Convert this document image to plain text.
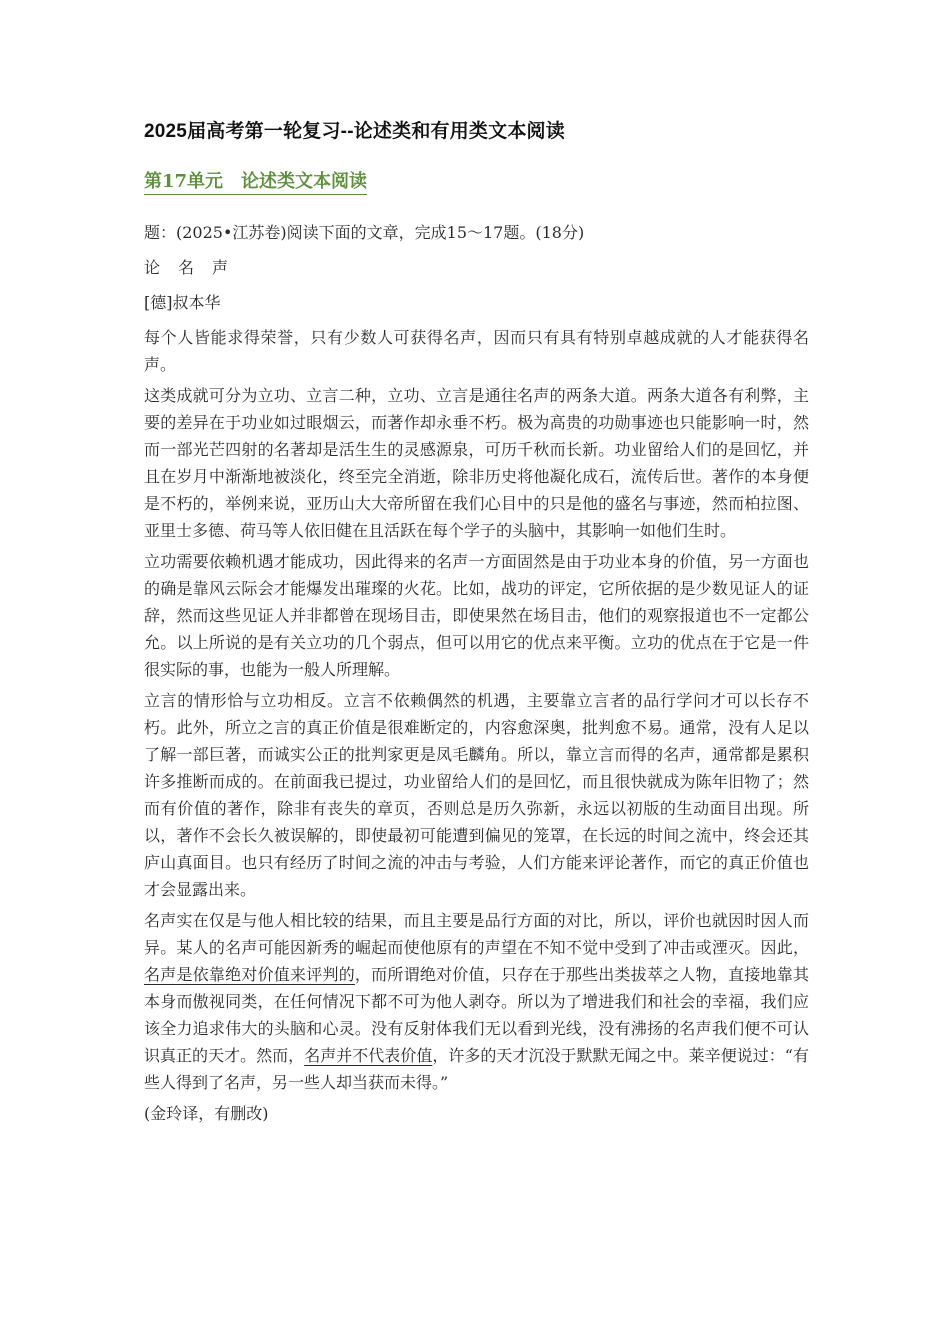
2025届高考第一轮复习--论述类和有用类文本阅读
第17单元　论述类文本阅读

题：(2025•江苏卷)阅读下面的文章，完成15～17题。(18分)

论名声

[德]叔本华

每个人皆能求得荣誉，只有少数人可获得名声，因而只有具有特别卓越成就的人才能获得名声。

这类成就可分为立功、立言二种，立功、立言是通往名声的两条大道。两条大道各有利弊，主要的差异在于功业如过眼烟云，而著作却永垂不朽。极为高贵的功勋事迹也只能影响一时，然而一部光芒四射的名著却是活生生的灵感源泉，可历千秋而长新。功业留给人们的是回忆，并且在岁月中渐渐地被淡化，终至完全消逝，除非历史将他凝化成石，流传后世。著作的本身便是不朽的，举例来说，亚历山大大帝所留在我们心目中的只是他的盛名与事迹，然而柏拉图、亚里士多德、荷马等人依旧健在且活跃在每个学子的头脑中，其影响一如他们生时。

立功需要依赖机遇才能成功，因此得来的名声一方面固然是由于功业本身的价值，另一方面也的确是靠风云际会才能爆发出璀璨的火花。比如，战功的评定，它所依据的是少数见证人的证辞，然而这些见证人并非都曾在现场目击，即使果然在场目击，他们的观察报道也不一定都公允。以上所说的是有关立功的几个弱点，但可以用它的优点来平衡。立功的优点在于它是一件很实际的事，也能为一般人所理解。

立言的情形恰与立功相反。立言不依赖偶然的机遇，主要靠立言者的品行学问才可以长存不朽。此外，所立之言的真正价值是很难断定的，内容愈深奥，批判愈不易。通常，没有人足以了解一部巨著，而诚实公正的批判家更是凤毛麟角。所以，靠立言而得的名声，通常都是累积许多推断而成的。在前面我已提过，功业留给人们的是回忆，而且很快就成为陈年旧物了；然而有价值的著作，除非有丧失的章页，否则总是历久弥新，永远以初版的生动面目出现。所以，著作不会长久被误解的，即使最初可能遭到偏见的笼罩，在长远的时间之流中，终会还其庐山真面目。也只有经历了时间之流的冲击与考验，人们方能来评论著作，而它的真正价值也才会显露出来。

名声实在仅是与他人相比较的结果，而且主要是品行方面的对比，所以，评价也就因时因人而异。某人的名声可能因新秀的崛起而使他原有的声望在不知不觉中受到了冲击或湮灭。因此，名声是依靠绝对价值来评判的，而所谓绝对价值，只存在于那些出类拔萃之人物，直接地靠其本身而傲视同类，在任何情况下都不可为他人剥夺。所以为了增进我们和社会的幸福，我们应该全力追求伟大的头脑和心灵。没有反射体我们无以看到光线，没有沸扬的名声我们便不可认识真正的天才。然而，名声并不代表价值，许多的天才沉没于默默无闻之中。莱辛便说过：“有些人得到了名声，另一些人却当获而未得。”

(金玲译，有删改)
